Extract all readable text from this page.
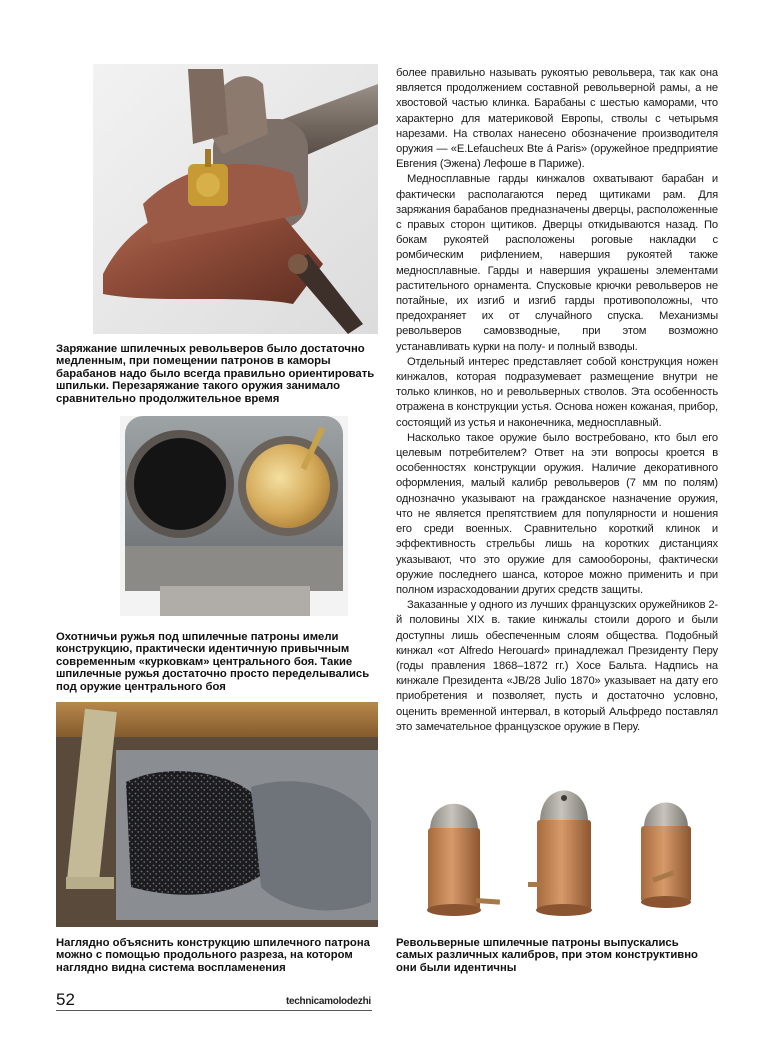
Заряжание шпилечных револьверов было достаточно медленным, при помещении патронов в каморы барабанов надо было всегда правильно ориентировать шпильки. Перезаряжание такого оружия занимало сравнительно продолжительное время
Охотничьи ружья под шпилечные патроны имели конструкцию, практически идентичную привычным современным «курковкам» центрального боя. Такие шпилечные ружья достаточно просто переделывались под оружие центрального боя
Наглядно объяснить конструкцию шпилечного патрона можно с помощью продольного разреза, на котором наглядно видна система воспламенения

более правильно называть рукоятью револьвера, так как она является продолжением составной револьверной рамы, а не хвостовой частью клинка. Барабаны с шестью каморами, что характерно для материковой Европы, стволы с четырьмя нарезами. На стволах нанесено обозначение производителя оружия — «E.Lefaucheux Bte á Paris» (оружейное предприятие Евгения (Эжена) Лефоше в Париже).

Медносплавные гарды кинжалов охватывают барабан и фактически располагаются перед щитиками рам. Для заряжания барабанов предназначены дверцы, расположенные с правых сторон щитиков. Дверцы откидываются назад. По бокам рукоятей расположены роговые накладки с ромбическим рифлением, навершия рукоятей также медносплавные. Гарды и навершия украшены элементами растительного орнамента. Спусковые крючки револьверов не потайные, их изгиб и изгиб гарды противоположны, что предохраняет их от случайного спуска. Механизмы револьверов самовзводные, при этом возможно устанавливать курки на полу- и полный взводы.

Отдельный интерес представляет собой конструкция ножен кинжалов, которая подразумевает размещение внутри не только клинков, но и револьверных стволов. Эта особенность отражена в конструкции устья. Основа ножен кожаная, прибор, состоящий из устья и наконечника, медносплавный.

Насколько такое оружие было востребовано, кто был его целевым потребителем? Ответ на эти вопросы кроется в особенностях конструкции оружия. Наличие декоративного оформления, малый калибр револьверов (7 мм по полям) однозначно указывают на гражданское назначение оружия, что не является препятствием для популярности и ношения его среди военных. Сравнительно короткий клинок и эффективность стрельбы лишь на коротких дистанциях указывают, что это оружие для самообороны, фактически оружие последнего шанса, которое можно применить и при полном израсходовании других средств защиты.

Заказанные у одного из лучших французских оружейников 2-й половины XIX в. такие кинжалы стоили дорого и были доступны лишь обеспеченным слоям общества. Подобный кинжал «от Alfredo Herouard» принадлежал Президенту Перу (годы правления 1868–1872 гг.) Хосе Бальта. Надпись на кинжале Президента «JB/28 Julio 1870» указывает на дату его приобретения и позволяет, пусть и достаточно условно, оценить временной интервал, в который Альфредо поставлял это замечательное французское оружие в Перу.

Револьверные шпилечные патроны выпускались самых различных калибров, при этом конструктивно они были идентичны
52	technicamolodezhi
